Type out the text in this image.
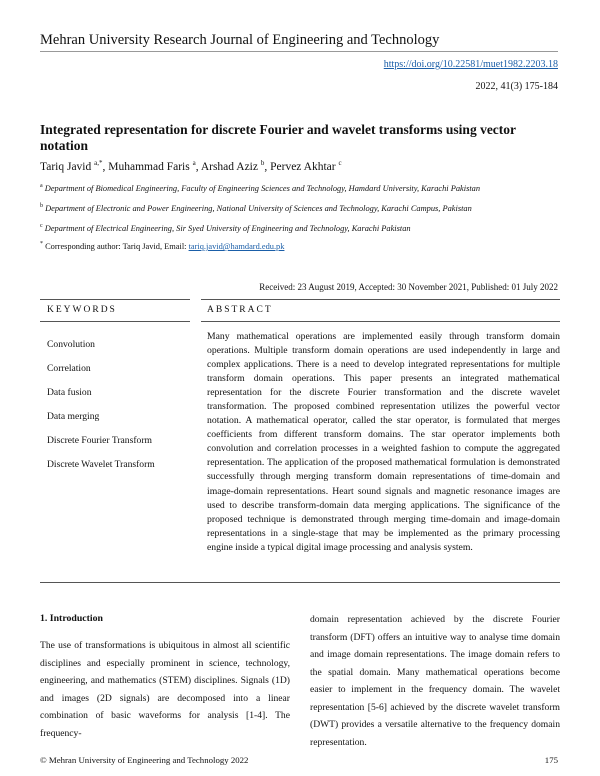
Mehran University Research Journal of Engineering and Technology
https://doi.org/10.22581/muet1982.2203.18
2022, 41(3) 175-184
Integrated representation for discrete Fourier and wavelet transforms using vector notation
Tariq Javid $^{a,*}$, Muhammad Faris $^a$, Arshad Aziz $^b$, Pervez Akhtar $^c$
$^a$ Department of Biomedical Engineering, Faculty of Engineering Sciences and Technology, Hamdard University, Karachi Pakistan
$^b$ Department of Electronic and Power Engineering, National University of Sciences and Technology, Karachi Campus, Pakistan
$^c$ Department of Electrical Engineering, Sir Syed University of Engineering and Technology, Karachi Pakistan
* Corresponding author: Tariq Javid, Email: tariq.javid@hamdard.edu.pk
Received: 23 August 2019, Accepted: 30 November 2021, Published: 01 July 2022
KEYWORDS	ABSTRACT
Convolution
Correlation
Data fusion
Data merging
Discrete Fourier Transform
Discrete Wavelet Transform
Many mathematical operations are implemented easily through transform domain operations. Multiple transform domain operations are used independently in large and complex applications. There is a need to develop integrated representations for multiple transform domain operations. This paper presents an integrated mathematical representation for the discrete Fourier transformation and the discrete wavelet transformation. The proposed combined representation utilizes the powerful vector notation. A mathematical operator, called the star operator, is formulated that merges coefficients from different transform domains. The star operator implements both convolution and correlation processes in a weighted fashion to compute the aggregated representation. The application of the proposed mathematical formulation is demonstrated successfully through merging transform domain representations of time-domain and image-domain representations. Heart sound signals and magnetic resonance images are used to describe transform-domain data merging applications. The significance of the proposed technique is demonstrated through merging time-domain and image-domain representations in a single-stage that may be implemented as the primary processing engine inside a typical digital image processing and analysis system.
1. Introduction
The use of transformations is ubiquitous in almost all scientific disciplines and especially prominent in science, technology, engineering, and mathematics (STEM) disciplines. Signals (1D) and images (2D signals) are decomposed into a linear combination of basic waveforms for analysis [1-4]. The frequency-
domain representation achieved by the discrete Fourier transform (DFT) offers an intuitive way to analyse time domain and image domain representations. The image domain refers to the spatial domain. Many mathematical operations become easier to implement in the frequency domain. The wavelet representation [5-6] achieved by the discrete wavelet transform (DWT) provides a versatile alternative to the frequency domain representation.
© Mehran University of Engineering and Technology 2022	175
